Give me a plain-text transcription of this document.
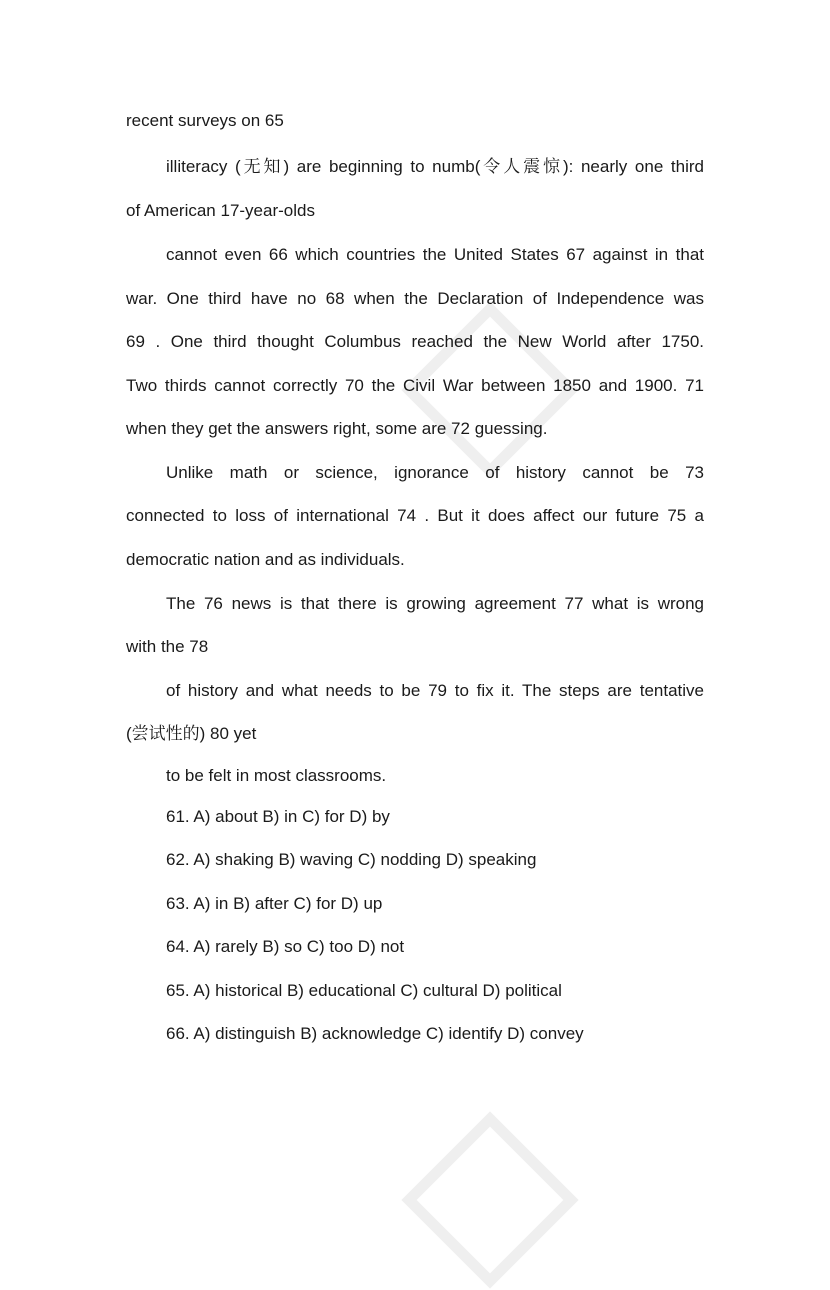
recent surveys on 65
illiteracy (无知) are beginning to numb(令人震惊): nearly one third
of American 17-year-olds
cannot even 66 which countries the United States 67 against in that
war. One third have no 68 when the Declaration of Independence was
69 . One third thought Columbus reached the New World after 1750.
Two thirds cannot correctly 70 the Civil War between 1850 and 1900. 71
when they get the answers right, some are 72 guessing.
Unlike math or science, ignorance of history cannot be 73
connected to loss of international 74 . But it does affect our future 75 a
democratic nation and as individuals.
The 76 news is that there is growing agreement 77 what is wrong
with the 78
of history and what needs to be 79 to fix it. The steps are tentative
(尝试性的) 80 yet
to be felt in most classrooms.
61. A) about B) in C) for D) by
62. A) shaking B) waving C) nodding D) speaking
63. A) in B) after C) for D) up
64. A) rarely B) so C) too D) not
65. A) historical B) educational C) cultural D) political
66. A) distinguish B) acknowledge C) identify D) convey
